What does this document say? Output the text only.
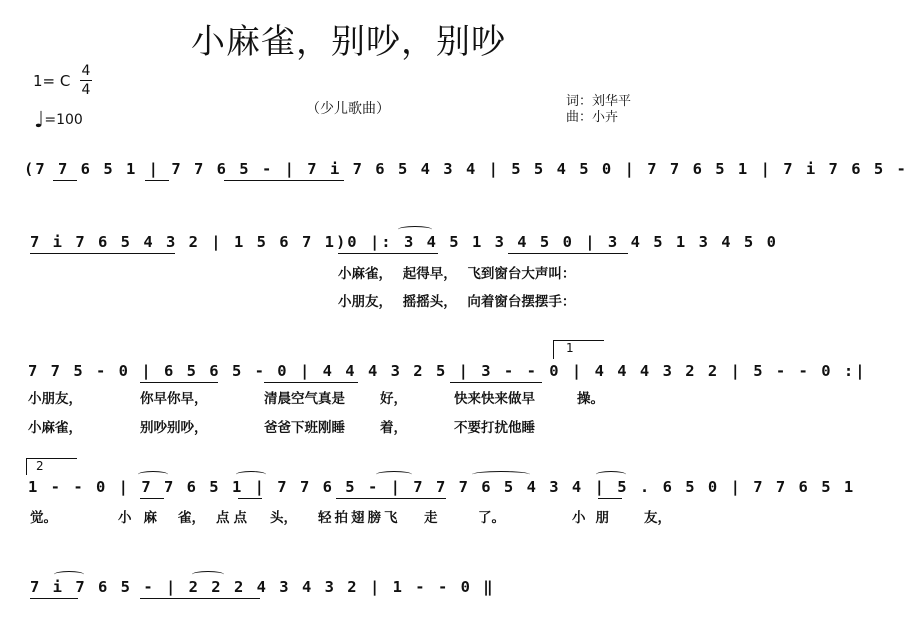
小麻雀，别吵，别吵
1= C
4
4
♩=100
（少儿歌曲）	词：刘华平
曲：小卉
(7 7 6 5 1 | 7 7 6 5 - | 7 i 7 6 5 4 3 4 | 5 5 4 5 0 | 7 7 6 5 1 | 7 i 7 6 5 -
7 i 7 6 5 4 3 2 | 1 5 6 7 1)0 |: 3 4 5 1 3 4 5 0 | 3 4 5 1 3 4 5 0
小麻雀， 起得早， 飞到窗台大声叫：
小朋友， 摇摇头， 向着窗台摆摆手：
1
7 7 5 - 0 | 6 5 6 5 - 0 | 4 4 4 3 2 5 | 3 - - 0 | 4 4 4 3 2 2 | 5 - - 0 :|
小朋友，	你早你早，	清晨空气真是	好，	快来快来做早	操。
小麻雀，	别吵别吵，	爸爸下班刚睡	着，	不要打扰他睡
2
1 - - 0 | 7 7 6 5 1 | 7 7 6 5 - | 7 7 7 6 5 4 3 4 | 5 . 6 5 0 | 7 7 6 5 1
觉。	小麻 雀， 点点 头， 轻拍翅膀飞 走	了。	小朋 友，
7 i 7 6 5 - | 2 2 2 4 3 4 3 2 | 1 - - 0 ‖
